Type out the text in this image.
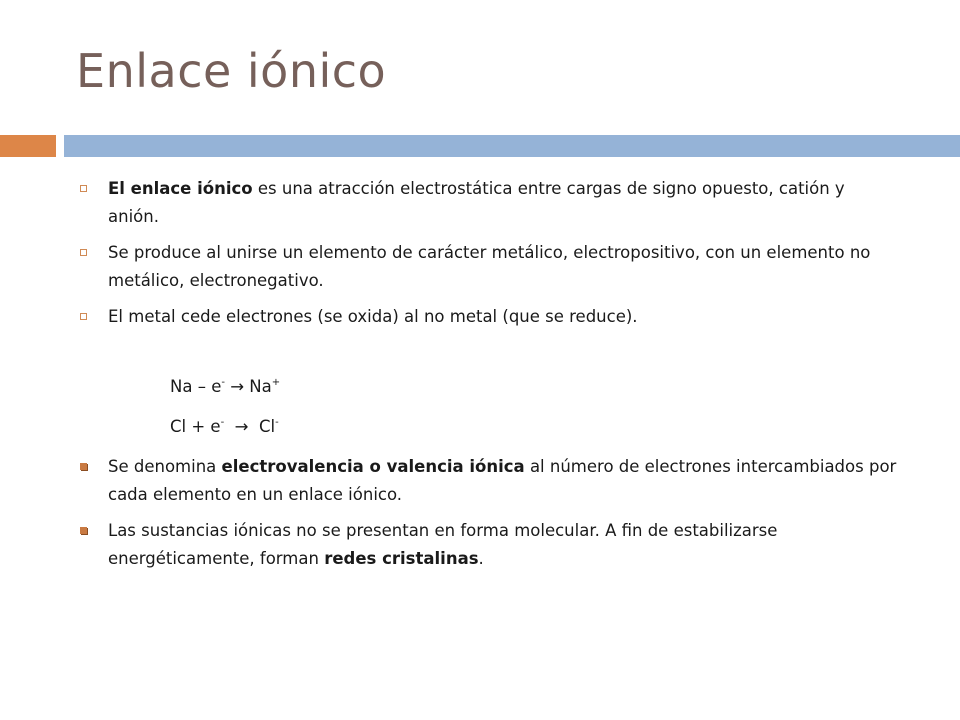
Enlace iónico
El enlace iónico es una atracción electrostática entre cargas de signo opuesto, catión y anión.
Se produce al unirse un elemento de carácter metálico, electropositivo, con un elemento no metálico, electronegativo.
El metal cede electrones (se oxida) al no metal (que se reduce).
Na – e- → Na+
Cl + e-  →  Cl-
Se denomina electrovalencia o valencia iónica al número de electrones intercambiados por cada elemento en un enlace iónico.
Las sustancias iónicas no se presentan en forma molecular. A fin de estabilizarse energéticamente, forman redes cristalinas.
